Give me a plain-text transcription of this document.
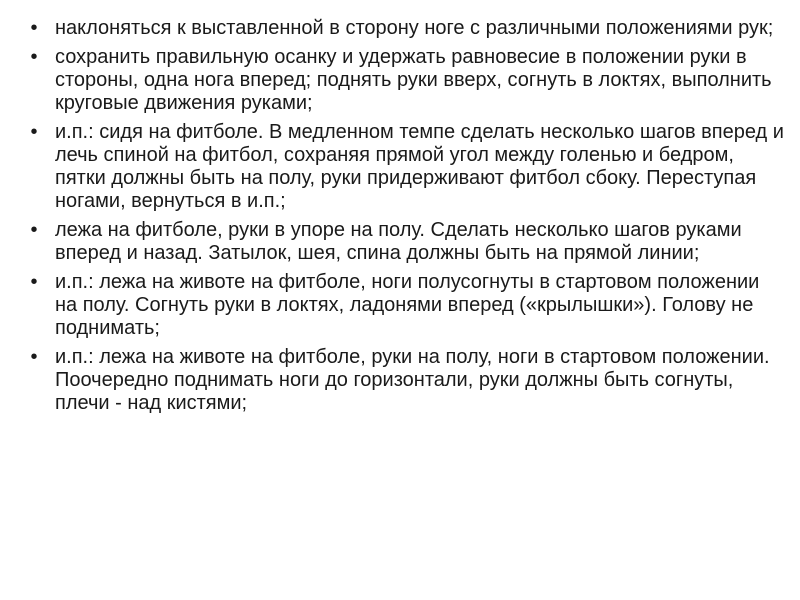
• наклоняться к выставленной в сторону ноге с различными положениями рук;
• сохранить правильную осанку и удержать равновесие в положении руки в стороны, одна нога вперед; поднять руки вверх, согнуть в локтях, выполнить круговые движения руками;
• и.п.: сидя на фитболе. В медленном темпе сделать несколько шагов вперед и лечь спиной на фитбол, сохраняя прямой угол между голенью и бедром, пятки должны быть на полу, руки придерживают фитбол сбоку. Переступая ногами, вернуться в и.п.;
• лежа на фитболе, руки в упоре на полу. Сделать несколько шагов руками вперед и назад. Затылок, шея, спина должны быть на прямой линии;
• и.п.: лежа на животе на фитболе, ноги полусогнуты в стартовом положении на полу. Согнуть руки в локтях, ладонями вперед («крылышки»). Голову не поднимать;
• и.п.: лежа на животе на фитболе, руки на полу, ноги в стартовом положении. Поочередно поднимать ноги до горизонтали, руки должны быть согнуты, плечи - над кистями;
